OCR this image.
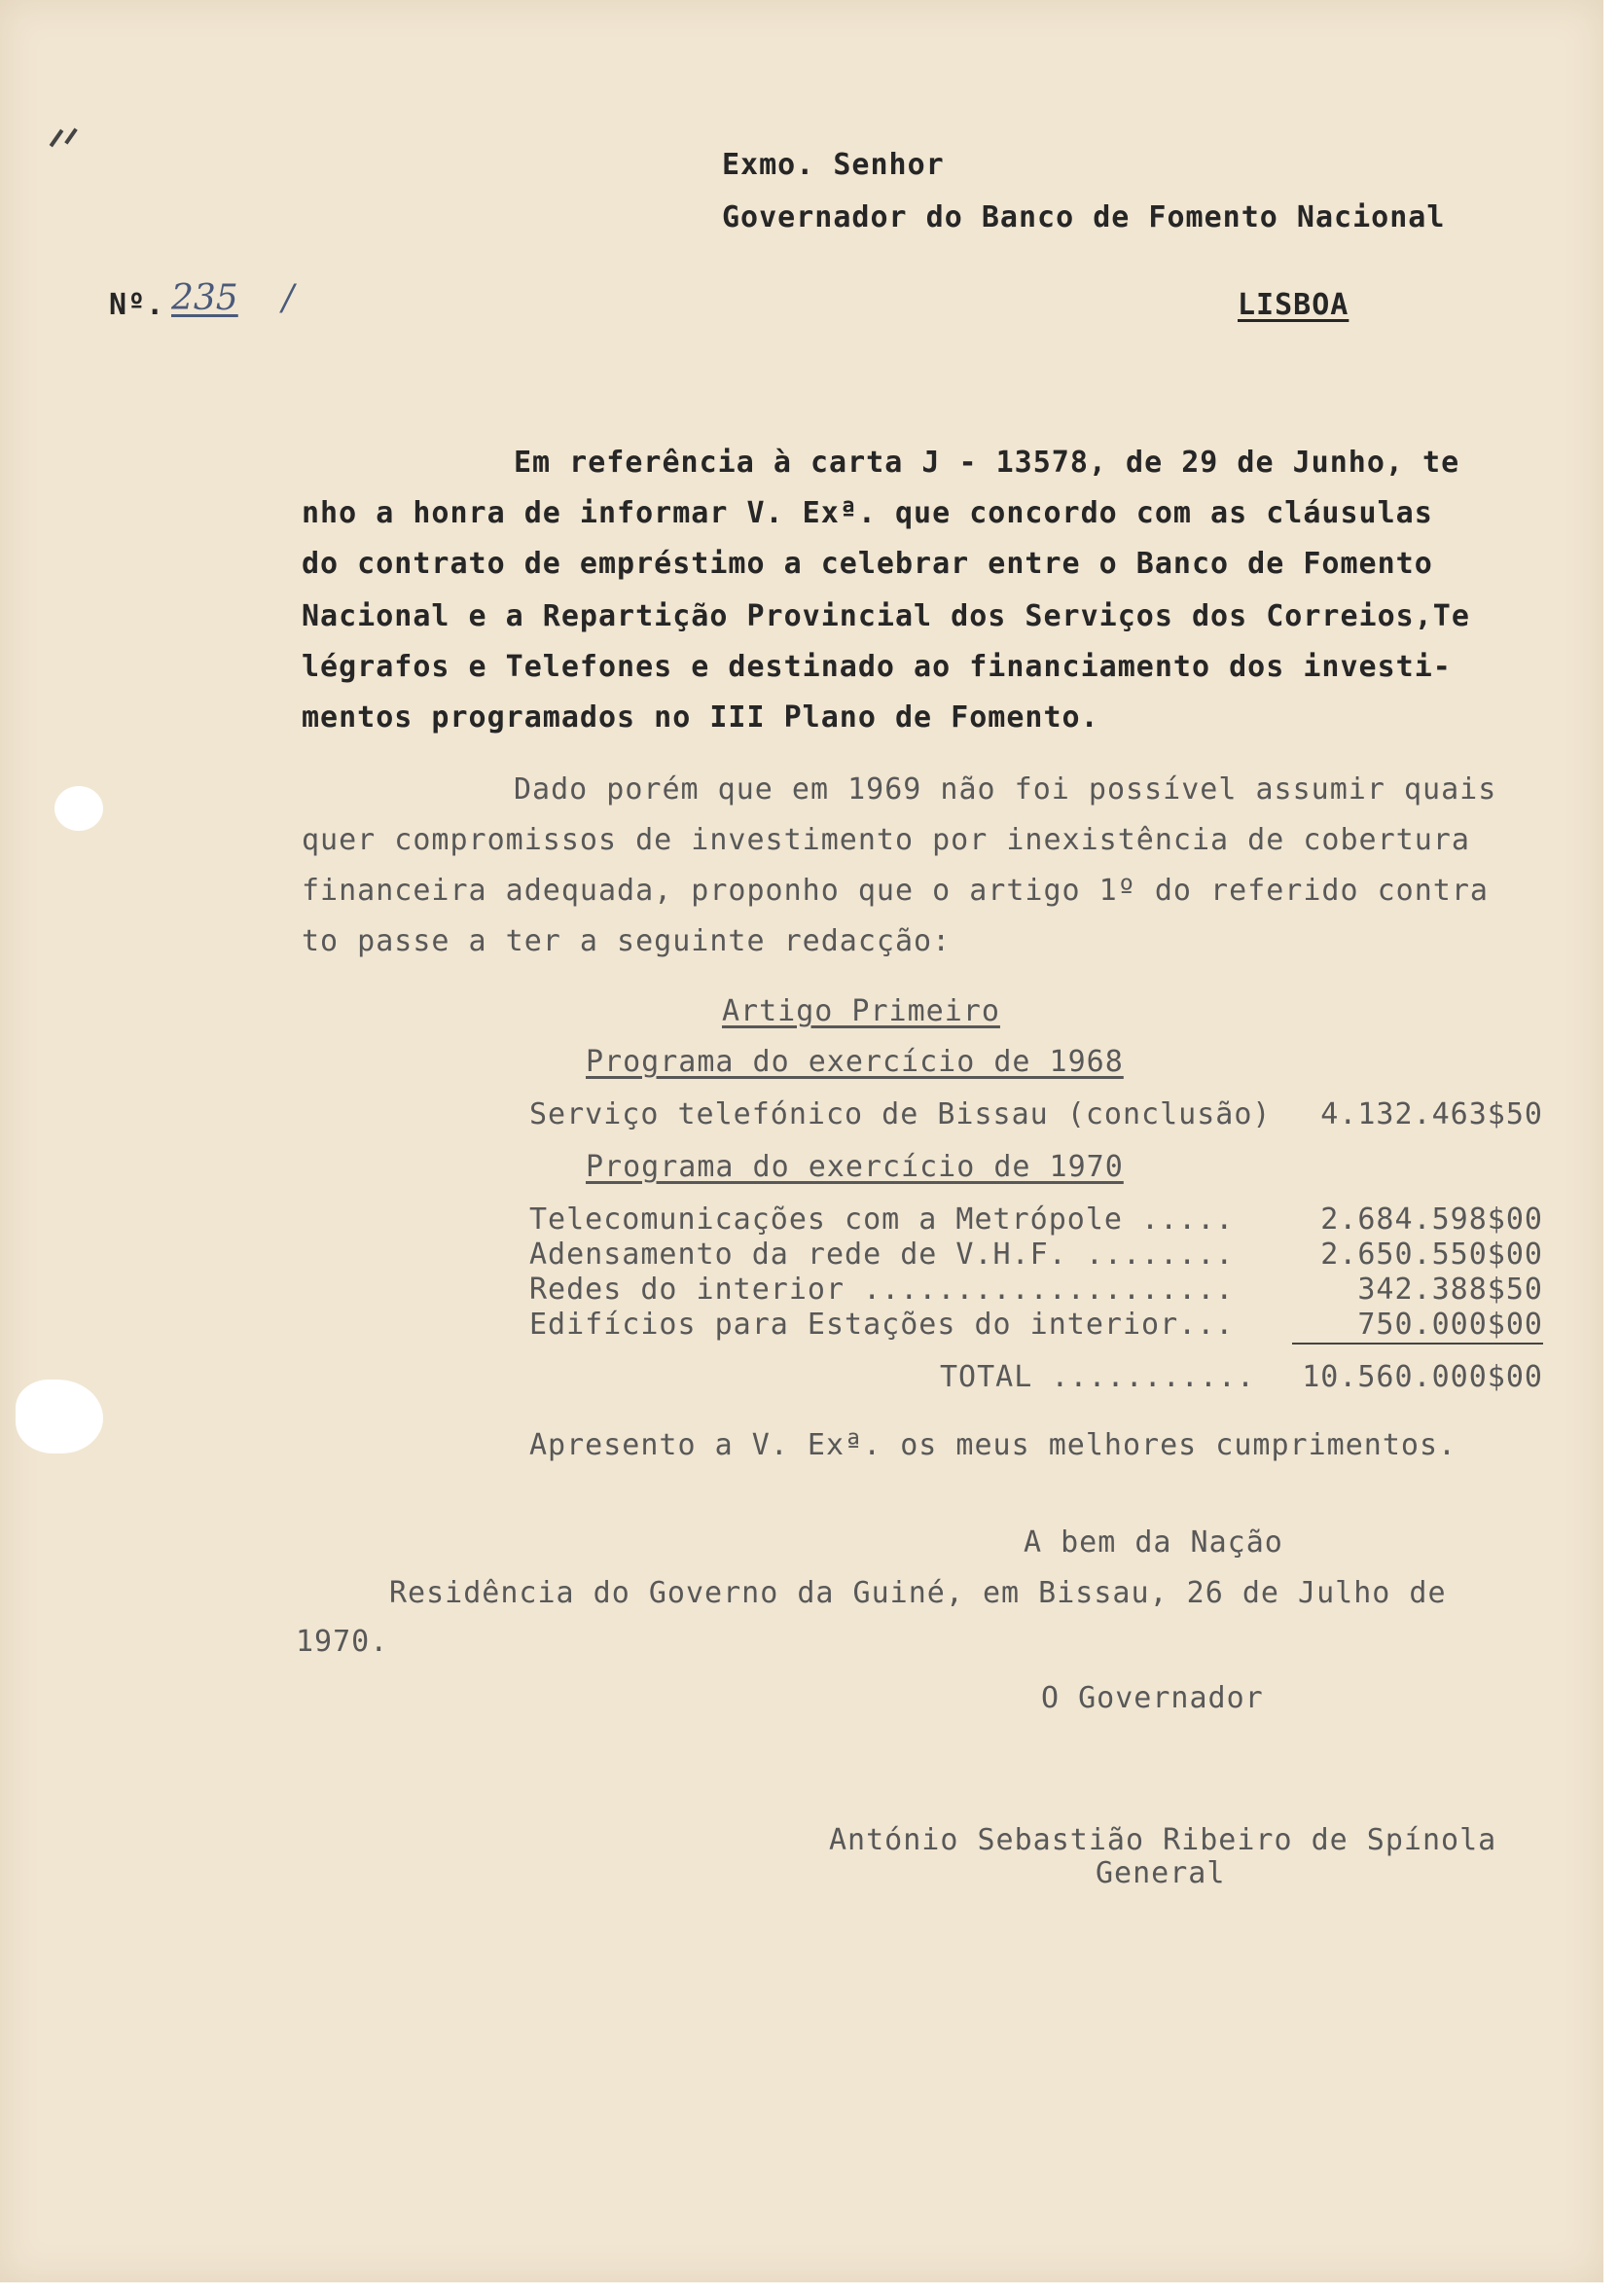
Exmo. Senhor
Governador do Banco de Fomento Nacional
Nº. 235 /	LISBOA
Em referência à carta J - 13578, de 29 de Junho, te
nho a honra de informar V. Exª. que concordo com as cláusulas
do contrato de empréstimo a celebrar entre o Banco de Fomento
Nacional e a Repartição Provincial dos Serviços dos Correios,Te
légrafos e Telefones e destinado ao financiamento dos investi-
mentos programados no III Plano de Fomento.
Dado porém que em 1969 não foi possível assumir quais
quer compromissos de investimento por inexistência de cobertura
financeira adequada, proponho que o artigo 1º do referido contra
to passe a ter a seguinte redacção:
Artigo Primeiro
Programa do exercício de 1968
Serviço telefónico de Bissau (conclusão)	4.132.463$50
Programa do exercício de 1970
Telecomunicações com a Metrópole .....	2.684.598$00
Adensamento da rede de V.H.F. ........	2.650.550$00
Redes do interior ....................	342.388$50
Edifícios para Estações do interior...	750.000$00
TOTAL ...........	10.560.000$00
Apresento a V. Exª. os meus melhores cumprimentos.
A bem da Nação
Residência do Governo da Guiné, em Bissau, 26 de Julho de
1970.
O Governador
António Sebastião Ribeiro de Spínola
General
